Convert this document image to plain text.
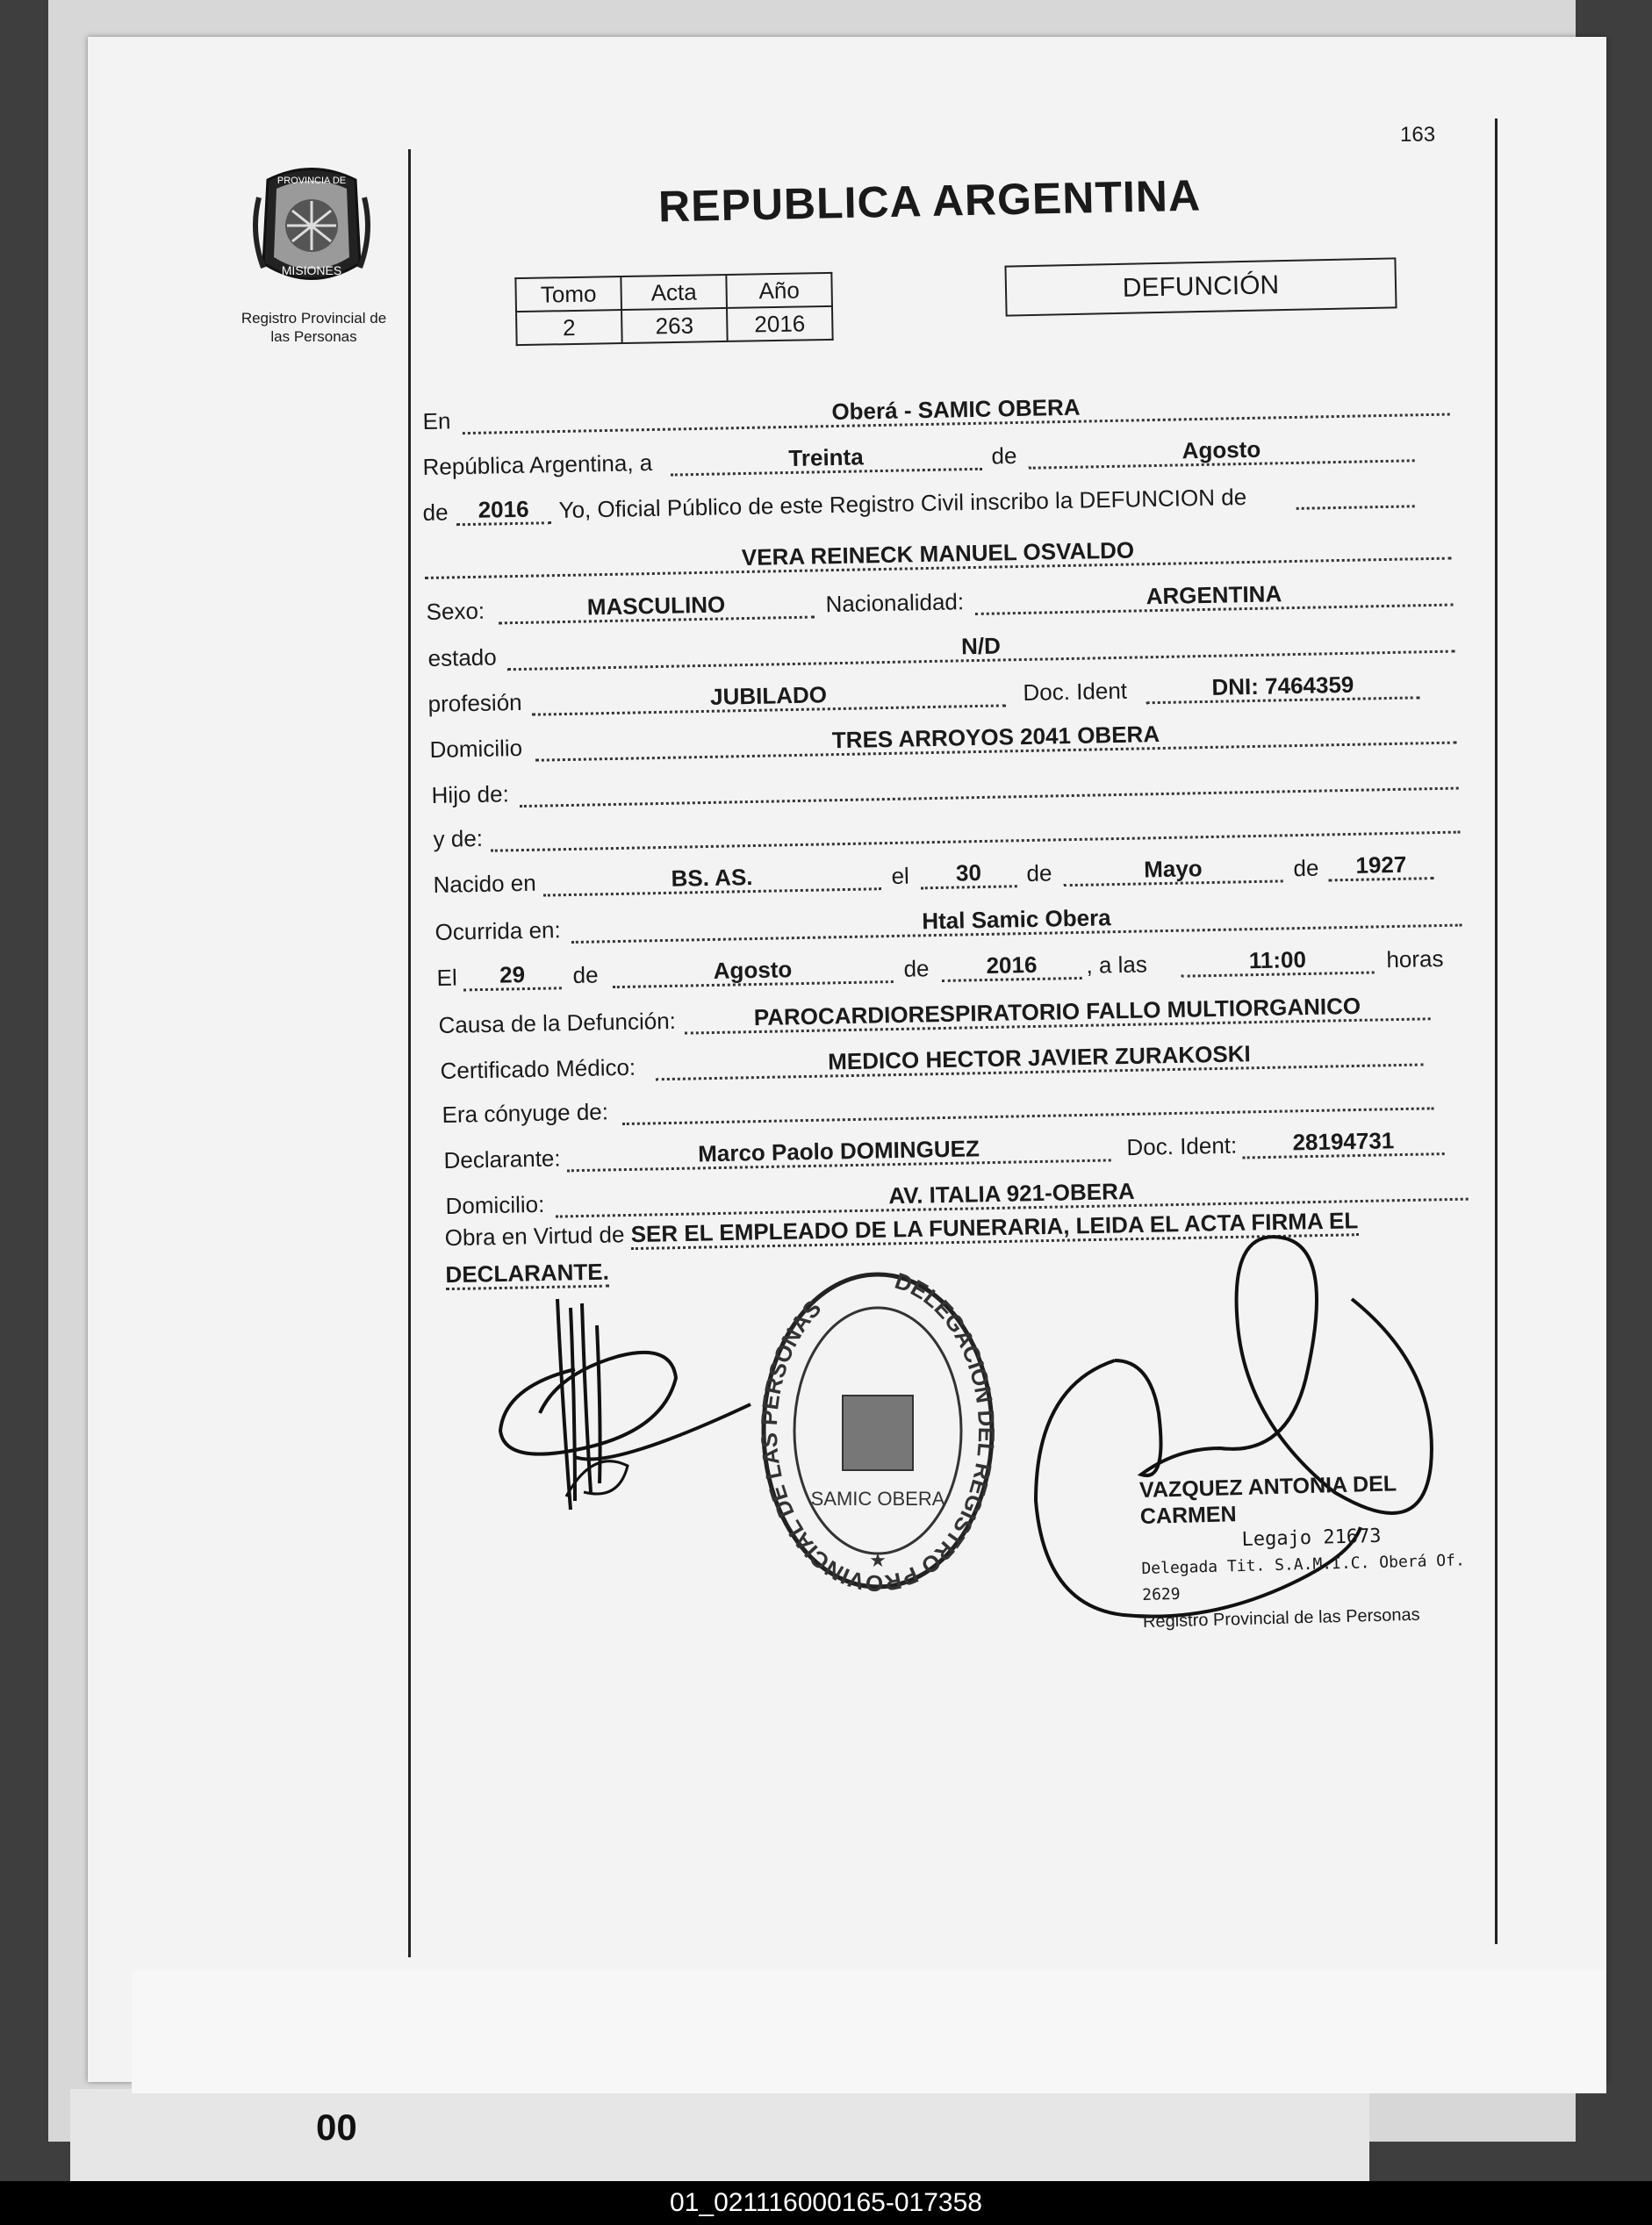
163
PROVINCIA DE
MISIONES
Registro Provincial de
las Personas
REPUBLICA ARGENTINA
Tomo	Acta	Año
2	263	2016
DEFUNCIÓN
En	Oberá - SAMIC OBERA
República Argentina, a	Treinta	de	Agosto
de	2016	Yo, Oficial Público de este Registro Civil inscribo la DEFUNCION de
VERA REINECK MANUEL OSVALDO
Sexo:	MASCULINO	Nacionalidad:	ARGENTINA
estado	N/D
profesión	JUBILADO	Doc. Ident	DNI: 7464359
Domicilio	TRES ARROYOS 2041 OBERA
Hijo de:
y de:
Nacido en	BS. AS.	el	30	de	Mayo	de	1927
Ocurrida en:	Htal Samic Obera
El	29	de	Agosto	de	2016	, a las	11:00	horas
Causa de la Defunción:	PAROCARDIORESPIRATORIO FALLO MULTIORGANICO
Certificado Médico:	MEDICO HECTOR JAVIER ZURAKOSKI
Era cónyuge de:
Declarante:	Marco Paolo DOMINGUEZ	Doc. Ident:	28194731
Domicilio:	AV. ITALIA 921-OBERA
Obra en Virtud de SER EL EMPLEADO DE LA FUNERARIA, LEIDA EL ACTA FIRMA EL DECLARANTE.	DELEGACION DEL REGISTRO PROVINCIAL DE LAS PERSONAS
SAMIC OBERA
★
VAZQUEZ ANTONIA DEL CARMEN
Legajo 21673
Delegada Tit. S.A.M.I.C. Oberá Of. 2629
Registro Provincial de las Personas
00
01_021116000165-017358
